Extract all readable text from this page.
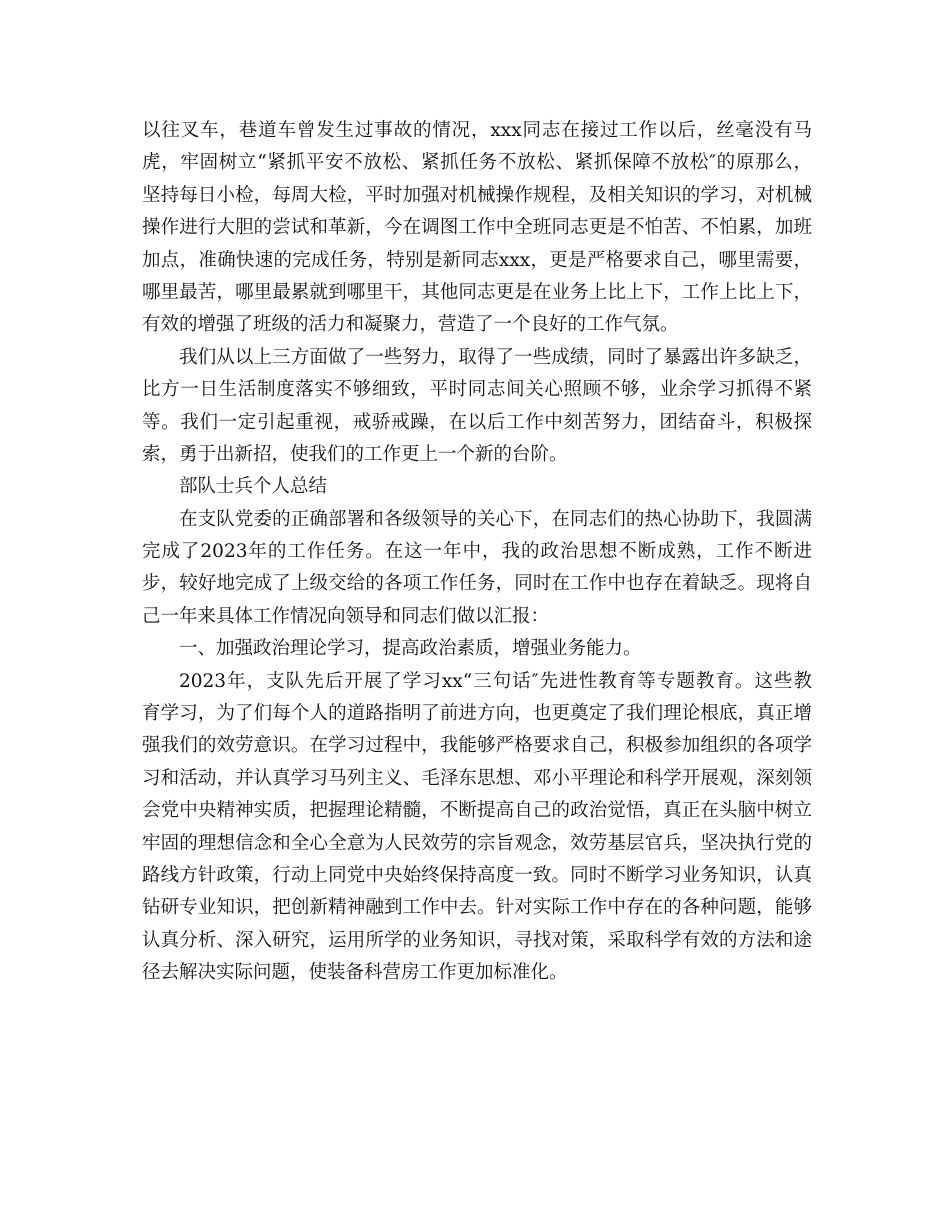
以往叉车，巷道车曾发生过事故的情况，xxx同志在接过工作以后，丝毫没有马
虎，牢固树立“紧抓平安不放松、紧抓任务不放松、紧抓保障不放松″的原那么，
坚持每日小检，每周大检，平时加强对机械操作规程，及相关知识的学习，对机械
操作进行大胆的尝试和革新，今在调图工作中全班同志更是不怕苦、不怕累，加班
加点，准确快速的完成任务，特别是新同志xxx，更是严格要求自己，哪里需要，
哪里最苦，哪里最累就到哪里干，其他同志更是在业务上比上下，工作上比上下，
有效的增强了班级的活力和凝聚力，营造了一个良好的工作气氛。
我们从以上三方面做了一些努力，取得了一些成绩，同时了暴露出许多缺乏，
比方一日生活制度落实不够细致，平时同志间关心照顾不够，业余学习抓得不紧
等。我们一定引起重视，戒骄戒躁，在以后工作中刻苦努力，团结奋斗，积极探
索，勇于出新招，使我们的工作更上一个新的台阶。
部队士兵个人总结
在支队党委的正确部署和各级领导的关心下，在同志们的热心协助下，我圆满
完成了2023年的工作任务。在这一年中，我的政治思想不断成熟，工作不断进
步，较好地完成了上级交给的各项工作任务，同时在工作中也存在着缺乏。现将自
己一年来具体工作情况向领导和同志们做以汇报：
一、加强政治理论学习，提高政治素质，增强业务能力。
2023年，支队先后开展了学习xx“三句话″先进性教育等专题教育。这些教
育学习，为了们每个人的道路指明了前进方向，也更奠定了我们理论根底，真正增
强我们的效劳意识。在学习过程中，我能够严格要求自己，积极参加组织的各项学
习和活动，并认真学习马列主义、毛泽东思想、邓小平理论和科学开展观，深刻领
会党中央精神实质，把握理论精髓，不断提高自己的政治觉悟，真正在头脑中树立
牢固的理想信念和全心全意为人民效劳的宗旨观念，效劳基层官兵，坚决执行党的
路线方针政策，行动上同党中央始终保持高度一致。同时不断学习业务知识，认真
钻研专业知识，把创新精神融到工作中去。针对实际工作中存在的各种问题，能够
认真分析、深入研究，运用所学的业务知识，寻找对策，采取科学有效的方法和途
径去解决实际问题，使装备科营房工作更加标准化。
